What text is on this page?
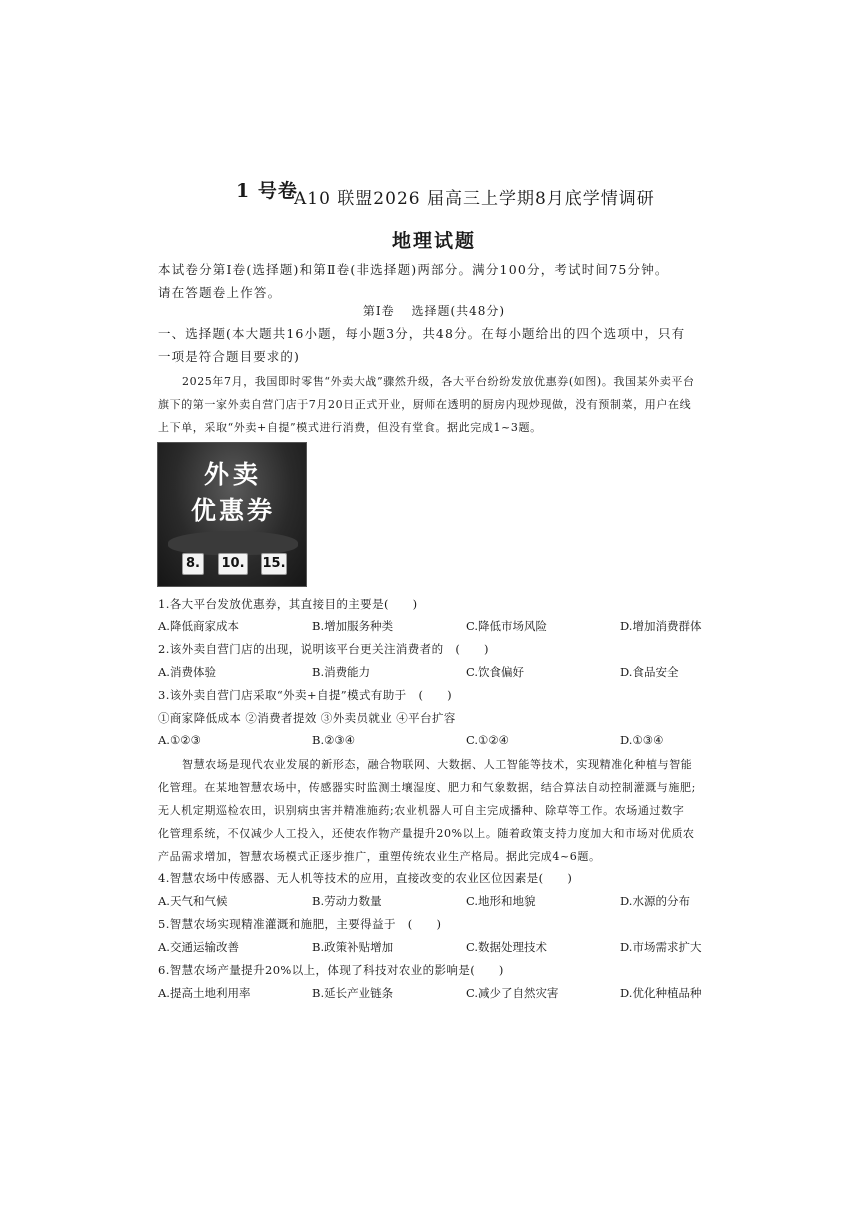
1 号卷
A10 联盟2026 届高三上学期8月底学情调研
地理试题
本试卷分第Ⅰ卷(选择题)和第Ⅱ卷(非选择题)两部分。满分100分，考试时间75分钟。
请在答题卷上作答。
第Ⅰ卷 选择题(共48分)
一、选择题(本大题共16小题，每小题3分，共48分。在每小题给出的四个选项中，只有
一项是符合题目要求的)
2025年7月，我国即时零售“外卖大战”骤然升级，各大平台纷纷发放优惠券(如图)。我国某外卖平台
旗下的第一家外卖自营门店于7月20日正式开业，厨师在透明的厨房内现炒现做，没有预制菜，用户在线
上下单，采取“外卖+自提”模式进行消费，但没有堂食。据此完成1~3题。
外卖
优惠券
8.	10. 15.
1.各大平台发放优惠券，其直接目的主要是(　　)
A.降低商家成本	B.增加服务种类	C.降低市场风险	D.增加消费群体
2.该外卖自营门店的出现，说明该平台更关注消费者的　(　　)
A.消费体验	B.消费能力	C.饮食偏好	D.食品安全
3.该外卖自营门店采取“外卖+自提”模式有助于　(　　)
①商家降低成本 ②消费者提效 ③外卖员就业 ④平台扩容
A.①②③	B.②③④	C.①②④	D.①③④
智慧农场是现代农业发展的新形态，融合物联网、大数据、人工智能等技术，实现精准化种植与智能
化管理。在某地智慧农场中，传感器实时监测土壤湿度、肥力和气象数据，结合算法自动控制灌溉与施肥;
无人机定期巡检农田，识别病虫害并精准施药;农业机器人可自主完成播种、除草等工作。农场通过数字
化管理系统，不仅减少人工投入，还使农作物产量提升20%以上。随着政策支持力度加大和市场对优质农
产品需求增加，智慧农场模式正逐步推广，重塑传统农业生产格局。据此完成4~6题。
4.智慧农场中传感器、无人机等技术的应用，直接改变的农业区位因素是(　　)
A.天气和气候	B.劳动力数量	C.地形和地貌	D.水源的分布
5.智慧农场实现精准灌溉和施肥，主要得益于　(　　)
A.交通运输改善	B.政策补贴增加	C.数据处理技术	D.市场需求扩大
6.智慧农场产量提升20%以上，体现了科技对农业的影响是(　　)
A.提高土地利用率	B.延长产业链条	C.减少了自然灾害	D.优化种植品种
